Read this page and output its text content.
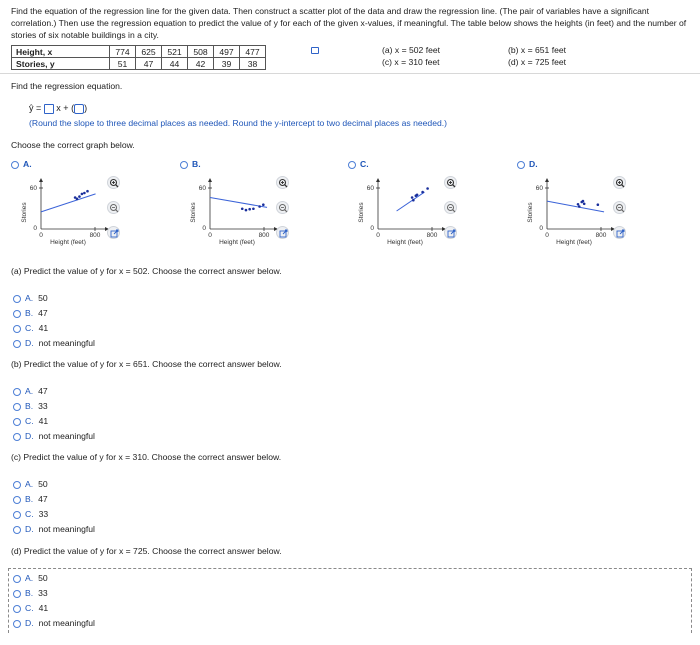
Find the equation of the regression line for the given data. Then construct a scatter plot of the data and draw the regression line. (The pair of variables have a significant correlation.) Then use the regression equation to predict the value of y for each of the given x-values, if meaningful. The table below shows the heights (in feet) and the number of stories of six notable buildings in a city.
Height, x	774	625	521	508	497	477
Stories, y	51	47	44	42	39	38
(a) x = 502 feet
(c) x = 310 feet
(b) x = 651 feet
(d) x = 725 feet
Find the regression equation.
ŷ = x + ( )
(Round the slope to three decimal places as needed. Round the y-intercept to two decimal places as needed.)
Choose the correct graph below.
A.
60
0
0	800
Height (feet)
Stories
B.
60
0
0	800
Height (feet)
Stories
C.
60
0
0	800
Height (feet)
Stories
D.
60
0
0	800
Height (feet)
Stories
(a) Predict the value of y for x = 502. Choose the correct answer below.
A. 50
B. 47
C. 41
D. not meaningful
(b) Predict the value of y for x = 651. Choose the correct answer below.
A. 47
B. 33
C. 41
D. not meaningful
(c) Predict the value of y for x = 310. Choose the correct answer below.
A. 50
B. 47
C. 33
D. not meaningful
(d) Predict the value of y for x = 725. Choose the correct answer below.
A. 50
B. 33
C. 41
D. not meaningful
